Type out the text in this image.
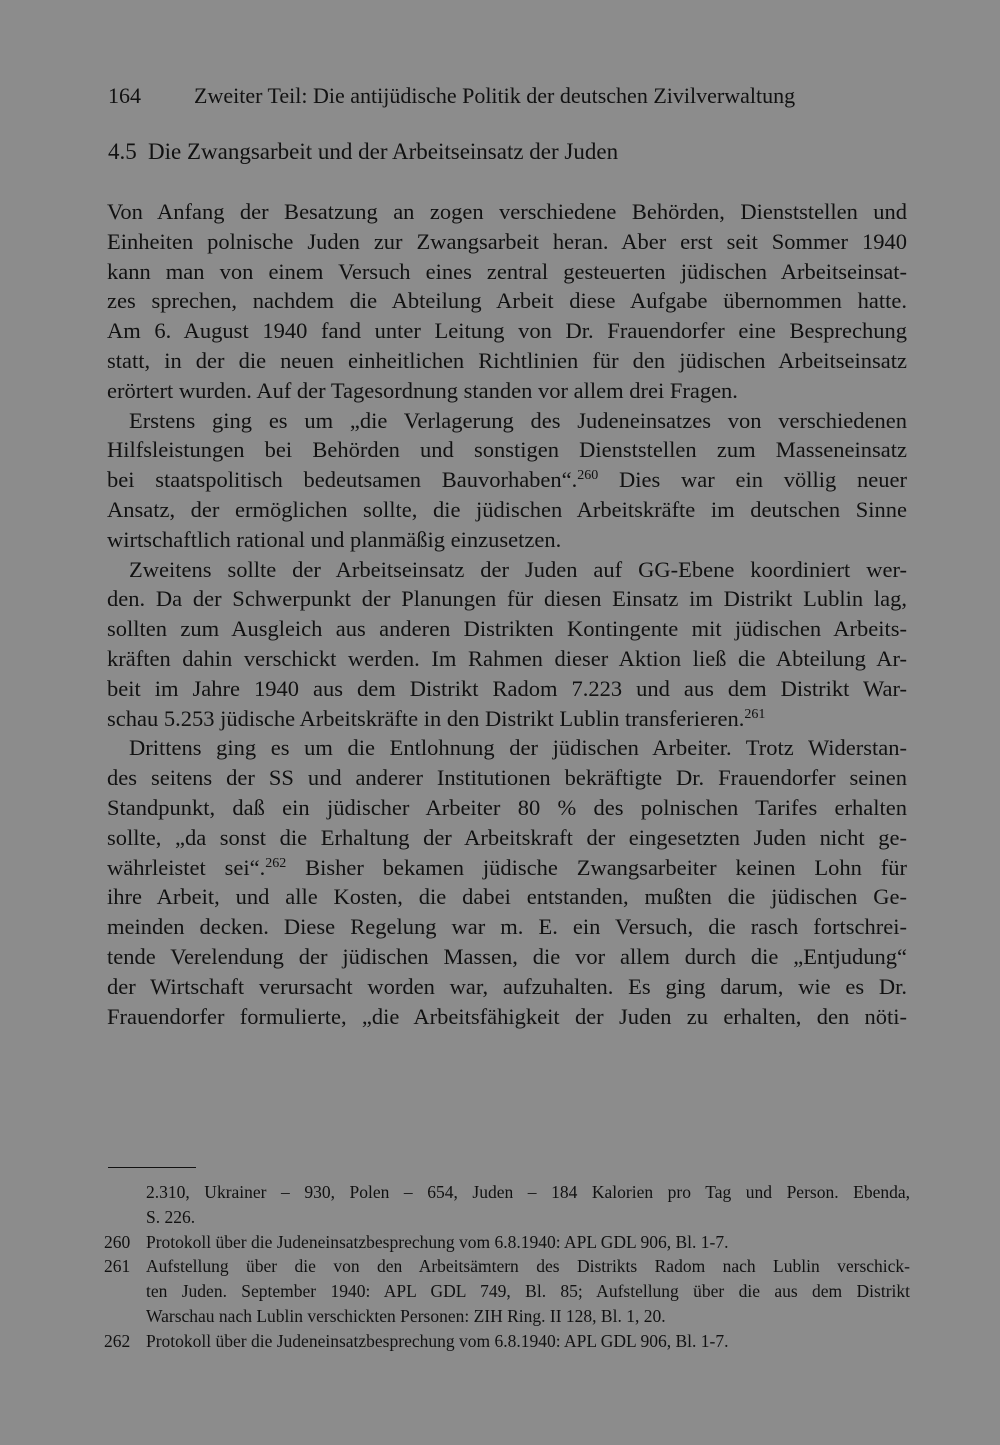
164 Zweiter Teil: Die antijüdische Politik der deutschen Zivilverwaltung
4.5 Die Zwangsarbeit und der Arbeitseinsatz der Juden
Von Anfang der Besatzung an zogen verschiedene Behörden, Dienststellen und
Einheiten polnische Juden zur Zwangsarbeit heran. Aber erst seit Sommer 1940
kann man von einem Versuch eines zentral gesteuerten jüdischen Arbeitseinsat-
zes sprechen, nachdem die Abteilung Arbeit diese Aufgabe übernommen hatte.
Am 6. August 1940 fand unter Leitung von Dr. Frauendorfer eine Besprechung
statt, in der die neuen einheitlichen Richtlinien für den jüdischen Arbeitseinsatz
erörtert wurden. Auf der Tagesordnung standen vor allem drei Fragen.
Erstens ging es um „die Verlagerung des Judeneinsatzes von verschiedenen
Hilfsleistungen bei Behörden und sonstigen Dienststellen zum Masseneinsatz
bei staatspolitisch bedeutsamen Bauvorhaben“.$^{260}$ Dies war ein völlig neuer
Ansatz, der ermöglichen sollte, die jüdischen Arbeitskräfte im deutschen Sinne
wirtschaftlich rational und planmäßig einzusetzen.
Zweitens sollte der Arbeitseinsatz der Juden auf GG-Ebene koordiniert wer-
den. Da der Schwerpunkt der Planungen für diesen Einsatz im Distrikt Lublin lag,
sollten zum Ausgleich aus anderen Distrikten Kontingente mit jüdischen Arbeits-
kräften dahin verschickt werden. Im Rahmen dieser Aktion ließ die Abteilung Ar-
beit im Jahre 1940 aus dem Distrikt Radom 7.223 und aus dem Distrikt War-
schau 5.253 jüdische Arbeitskräfte in den Distrikt Lublin transferieren.$^{261}$
Drittens ging es um die Entlohnung der jüdischen Arbeiter. Trotz Widerstan-
des seitens der SS und anderer Institutionen bekräftigte Dr. Frauendorfer seinen
Standpunkt, daß ein jüdischer Arbeiter 80 % des polnischen Tarifes erhalten
sollte, „da sonst die Erhaltung der Arbeitskraft der eingesetzten Juden nicht ge-
währleistet sei“.$^{262}$ Bisher bekamen jüdische Zwangsarbeiter keinen Lohn für
ihre Arbeit, und alle Kosten, die dabei entstanden, mußten die jüdischen Ge-
meinden decken. Diese Regelung war m. E. ein Versuch, die rasch fortschrei-
tende Verelendung der jüdischen Massen, die vor allem durch die „Entjudung“
der Wirtschaft verursacht worden war, aufzuhalten. Es ging darum, wie es Dr.
Frauendorfer formulierte, „die Arbeitsfähigkeit der Juden zu erhalten, den nöti-
2.310, Ukrainer – 930, Polen – 654, Juden – 184 Kalorien pro Tag und Person. Ebenda,
S. 226.
260 Protokoll über die Judeneinsatzbesprechung vom 6.8.1940: APL GDL 906, Bl. 1-7.
261 Aufstellung über die von den Arbeitsämtern des Distrikts Radom nach Lublin verschick-
ten Juden. September 1940: APL GDL 749, Bl. 85; Aufstellung über die aus dem Distrikt
Warschau nach Lublin verschickten Personen: ZIH Ring. II 128, Bl. 1, 20.
262 Protokoll über die Judeneinsatzbesprechung vom 6.8.1940: APL GDL 906, Bl. 1-7.
